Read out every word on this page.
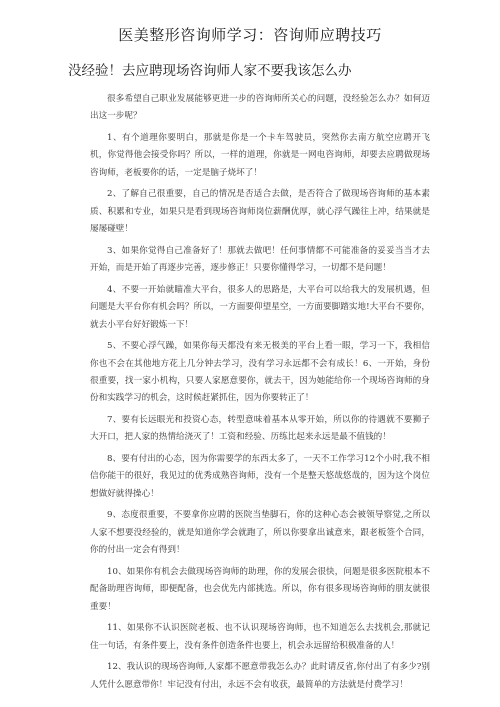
医美整形咨询师学习：咨询师应聘技巧
没经验！去应聘现场咨询师人家不要我该怎么办

很多希望自己职业发展能够更进一步的咨询师所关心的问题，没经验怎么办？如何迈出这一步呢？

1、有个道理你要明白，那就是你是一个卡车驾驶员，突然你去南方航空应聘开飞机，你觉得他会接受你吗？所以，一样的道理，你就是一网电咨询师，却要去应聘做现场咨询师，老板要你的话，一定是脑子烧坏了！

2、了解自己很重要，自己的情况是否适合去做，是否符合了做现场咨询师的基本素质、积累和专业，如果只是看到现场咨询师岗位薪酬优厚，就心浮气躁往上冲，结果就是屡屡碰壁！

3、如果你觉得自己准备好了！那就去做吧！任何事情都不可能准备的妥妥当当才去开始，而是开始了再逐步完善，逐步修正！只要你懂得学习，一切都不是问题！

4、不要一开始就瞄准大平台，很多人的思路是，大平台可以给我大的发展机遇，但问题是大平台你有机会吗？所以，一方面要仰望星空，一方面要脚踏实地!大平台不要你，就去小平台好好锻炼一下！

5、不要心浮气躁，如果你每天都没有来无极美的平台上看一眼，学习一下，我相信你也不会在其他地方花上几分钟去学习，没有学习永远都不会有成长！6、一开始，身份很重要，找一家小机构，只要人家愿意要你，就去干，因为她能给你一个现场咨询师的身份和实践学习的机会，这时候赶紧抓住，因为你要转正了！

7、要有长远眼光和投资心态，转型意味着基本从零开始，所以你的待遇就不要狮子大开口，把人家的热情给浇灭了！工资和经验、历练比起来永远是最不值钱的！

8、要有付出的心态，因为你需要学的东西太多了，一天不工作学习12个小时,我不相信你能干的很好，我见过的优秀成熟咨询师，没有一个是整天悠哉悠哉的，因为这个岗位想做好就得操心！

9、态度很重要，不要拿你应聘的医院当垫脚石，你的这种心态会被领导察觉,之所以人家不想要没经验的，就是知道你学会就跑了，所以你要拿出诚意来，跟老板签个合同，你的付出一定会有得到！

10、如果你有机会去做现场咨询师的助理，你的发展会很快，问题是很多医院根本不配备助理咨询师，即便配备，也会优先内部挑选。所以，你有很多现场咨询师的朋友就很重要！

11、如果你不认识医院老板、也不认识现场咨询师，也不知道怎么去找机会,那就记住一句话，有条件要上，没有条件创造条件也要上，机会永远留给积极准备的人！

12、我认识的现场咨询师,人家都不愿意带我怎么办？此时请反省,你付出了有多少?别人凭什么愿意带你！牢记没有付出，永远不会有收获，最简单的方法就是付费学习！
